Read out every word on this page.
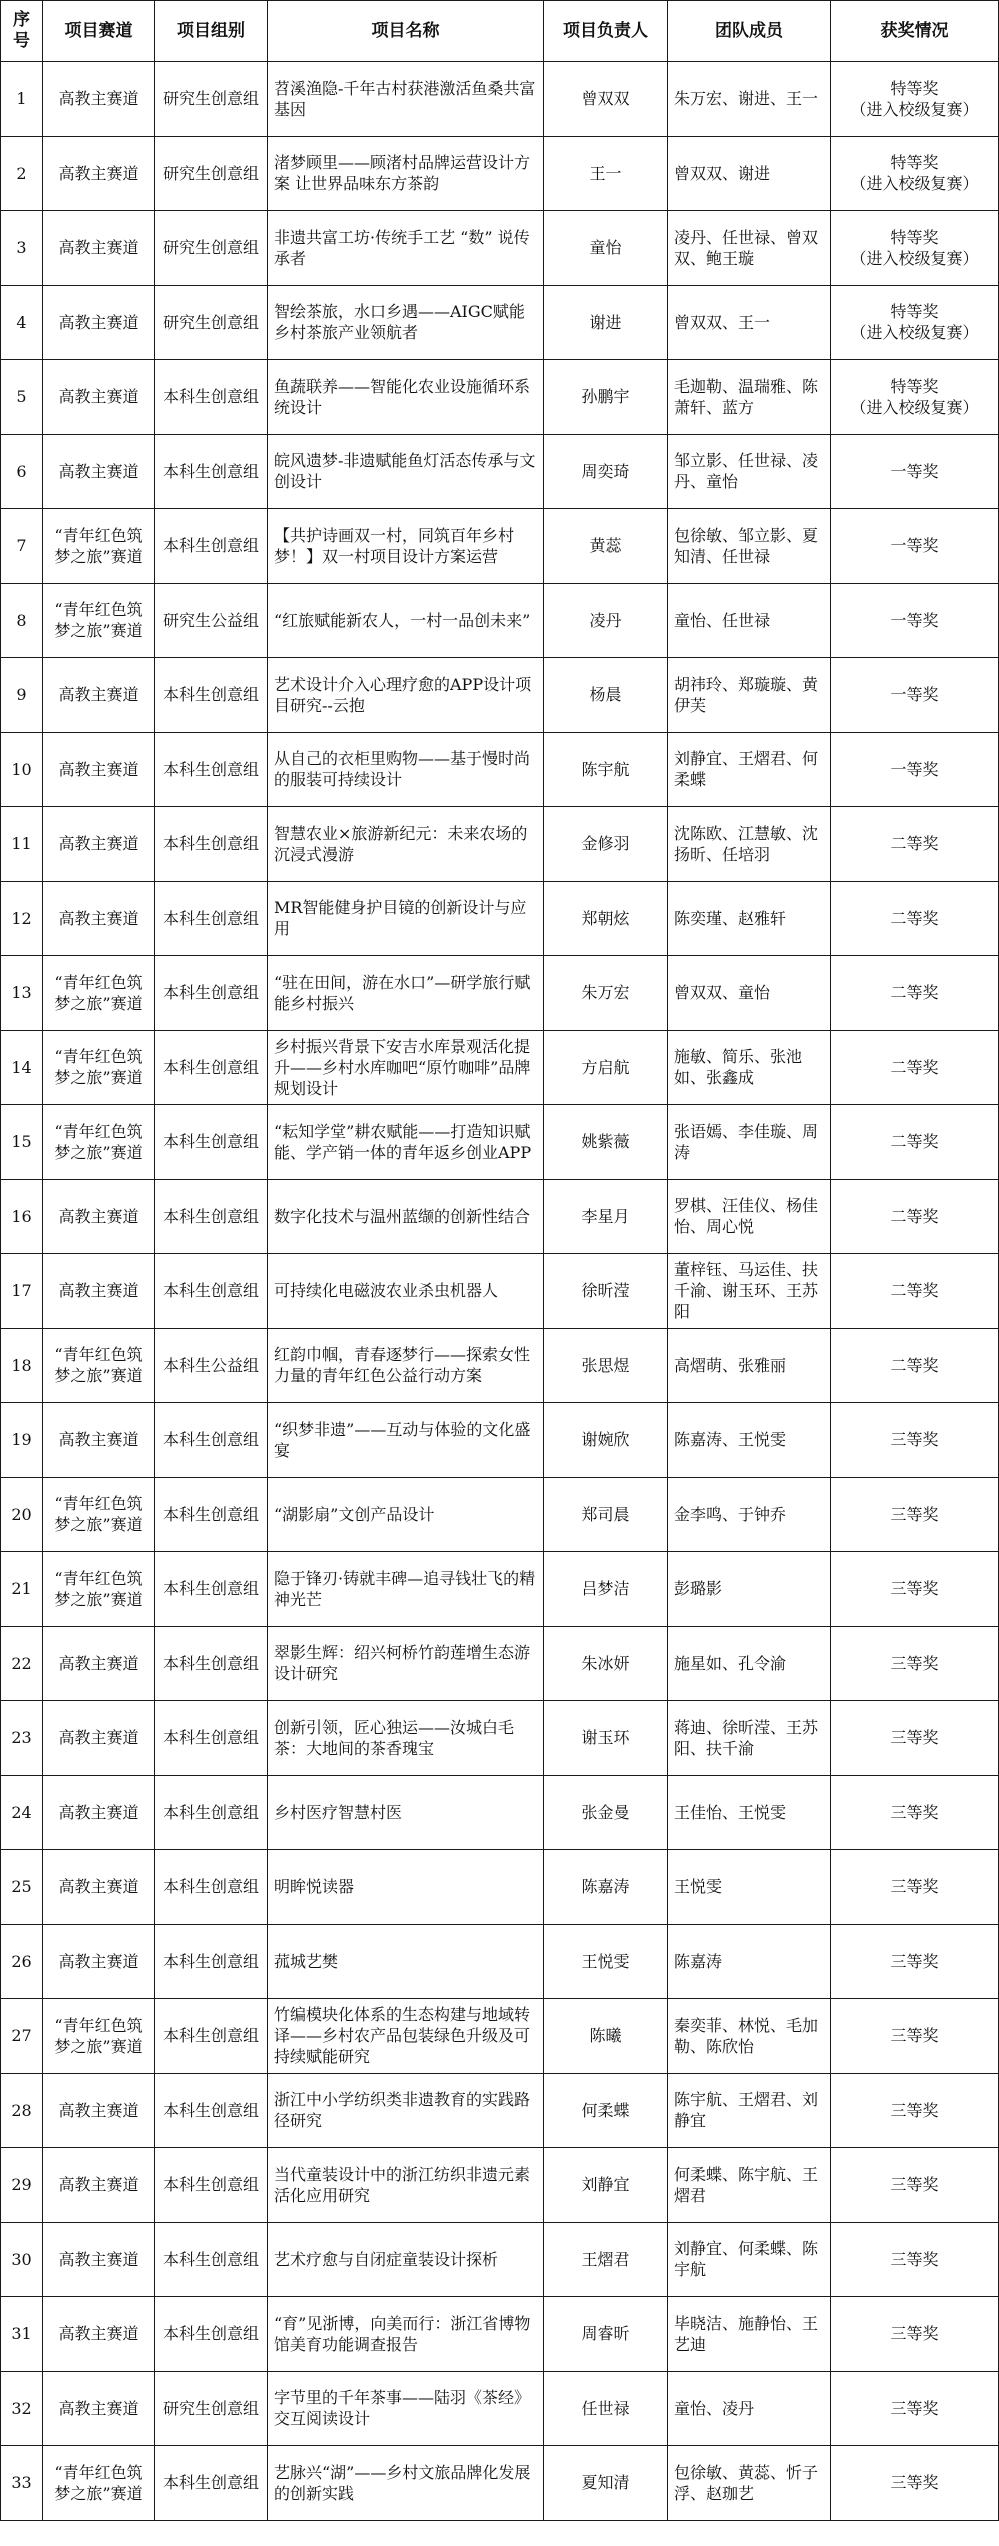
序号	项目赛道	项目组别	项目名称	项目负责人	团队成员	获奖情况
1	高教主赛道	研究生创意组	苕溪渔隐-千年古村获港激活鱼桑共富基因	曾双双	朱万宏、谢进、王一	特等奖
（进入校级复赛）
2	高教主赛道	研究生创意组	渚梦顾里——顾渚村品牌运营设计方案 让世界品味东方茶韵	王一	曾双双、谢进	特等奖
（进入校级复赛）
3	高教主赛道	研究生创意组	非遗共富工坊·传统手工艺 “数” 说传承者	童怡	凌丹、任世禄、曾双双、鲍王璇	特等奖
（进入校级复赛）
4	高教主赛道	研究生创意组	智绘茶旅，水口乡遇——AIGC赋能乡村茶旅产业领航者	谢进	曾双双、王一	特等奖
（进入校级复赛）
5	高教主赛道	本科生创意组	鱼蔬联养——智能化农业设施循环系统设计	孙鹏宇	毛迦勒、温瑞雅、陈萧轩、蓝方	特等奖
（进入校级复赛）
6	高教主赛道	本科生创意组	皖风遗梦-非遗赋能鱼灯活态传承与文创设计	周奕琦	邹立影、任世禄、凌丹、童怡	一等奖
7	“青年红色筑梦之旅”赛道	本科生创意组	【共护诗画双一村，同筑百年乡村梦！】双一村项目设计方案运营	黄蕊	包徐敏、邹立影、夏知清、任世禄	一等奖
8	“青年红色筑梦之旅”赛道	研究生公益组	“红旅赋能新农人，一村一品创未来”	凌丹	童怡、任世禄	一等奖
9	高教主赛道	本科生创意组	艺术设计介入心理疗愈的APP设计项目研究--云抱	杨晨	胡祎玲、郑璇璇、黄伊芙	一等奖
10	高教主赛道	本科生创意组	从自己的衣柜里购物——基于慢时尚的服装可持续设计	陈宇航	刘静宜、王熠君、何柔蝶	一等奖
11	高教主赛道	本科生创意组	智慧农业×旅游新纪元：未来农场的沉浸式漫游	金修羽	沈陈欧、江慧敏、沈扬昕、任培羽	二等奖
12	高教主赛道	本科生创意组	MR智能健身护目镜的创新设计与应用	郑朝炫	陈奕瑾、赵雅轩	二等奖
13	“青年红色筑梦之旅”赛道	本科生创意组	“驻在田间，游在水口”—研学旅行赋能乡村振兴	朱万宏	曾双双、童怡	二等奖
14	“青年红色筑梦之旅”赛道	本科生创意组	乡村振兴背景下安吉水库景观活化提升——乡村水库咖吧“原竹咖啡”品牌规划设计	方启航	施敏、简乐、张池如、张鑫成	二等奖
15	“青年红色筑梦之旅”赛道	本科生创意组	“耘知学堂”耕农赋能——打造知识赋能、学产销一体的青年返乡创业APP	姚紫薇	张语嫣、李佳璇、周涛	二等奖
16	高教主赛道	本科生创意组	数字化技术与温州蓝缬的创新性结合	李星月	罗棋、汪佳仪、杨佳怡、周心悦	二等奖
17	高教主赛道	本科生创意组	可持续化电磁波农业杀虫机器人	徐昕滢	董梓钰、马运佳、扶千渝、谢玉环、王苏阳	二等奖
18	“青年红色筑梦之旅”赛道	本科生公益组	红韵巾帼，青春逐梦行——探索女性力量的青年红色公益行动方案	张思煜	高熠萌、张雅丽	二等奖
19	高教主赛道	本科生创意组	“织梦非遗”——互动与体验的文化盛宴	谢婉欣	陈嘉涛、王悦雯	三等奖
20	“青年红色筑梦之旅”赛道	本科生创意组	“湖影扇”文创产品设计	郑司晨	金李鸣、于钟乔	三等奖
21	“青年红色筑梦之旅”赛道	本科生创意组	隐于锋刃·铸就丰碑—追寻钱壮飞的精神光芒	吕梦洁	彭璐影	三等奖
22	高教主赛道	本科生创意组	翠影生辉：绍兴柯桥竹韵莲增生态游设计研究	朱冰妍	施星如、孔令渝	三等奖
23	高教主赛道	本科生创意组	创新引领，匠心独运——汝城白毛茶：大地间的茶香瑰宝	谢玉环	蒋迪、徐昕滢、王苏阳、扶千渝	三等奖
24	高教主赛道	本科生创意组	乡村医疗智慧村医	张金曼	王佳怡、王悦雯	三等奖
25	高教主赛道	本科生创意组	明眸悦读器	陈嘉涛	王悦雯	三等奖
26	高教主赛道	本科生创意组	菰城艺樊	王悦雯	陈嘉涛	三等奖
27	“青年红色筑梦之旅”赛道	本科生创意组	竹编模块化体系的生态构建与地域转译——乡村农产品包装绿色升级及可持续赋能研究	陈曦	秦奕菲、林悦、毛加勒、陈欣怡	三等奖
28	高教主赛道	本科生创意组	浙江中小学纺织类非遗教育的实践路径研究	何柔蝶	陈宇航、王熠君、刘静宜	三等奖
29	高教主赛道	本科生创意组	当代童装设计中的浙江纺织非遗元素活化应用研究	刘静宜	何柔蝶、陈宇航、王熠君	三等奖
30	高教主赛道	本科生创意组	艺术疗愈与自闭症童装设计探析	王熠君	刘静宜、何柔蝶、陈宇航	三等奖
31	高教主赛道	本科生创意组	“育”见浙博，向美而行：浙江省博物馆美育功能调查报告	周睿昕	毕晓洁、施静怡、王艺迪	三等奖
32	高教主赛道	研究生创意组	字节里的千年茶事——陆羽《茶经》交互阅读设计	任世禄	童怡、凌丹	三等奖
33	“青年红色筑梦之旅”赛道	本科生创意组	艺脉兴“湖”——乡村文旅品牌化发展的创新实践	夏知清	包徐敏、黄蕊、忻子浮、赵珈艺	三等奖
